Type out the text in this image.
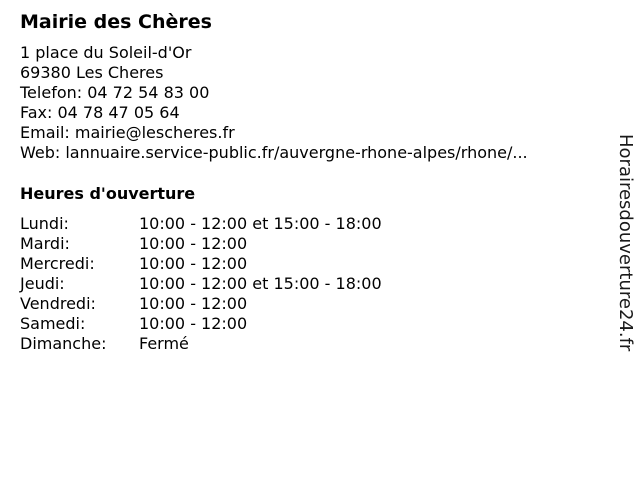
Mairie des Chères
1 place du Soleil-d'Or
69380 Les Cheres
Telefon: 04 72 54 83 00
Fax: 04 78 47 05 64
Email: mairie@lescheres.fr
Web: lannuaire.service-public.fr/auvergne-rhone-alpes/rhone/...
Heures d'ouverture
Lundi:	10:00 - 12:00 et 15:00 - 18:00
Mardi:	10:00 - 12:00
Mercredi:	10:00 - 12:00
Jeudi:	10:00 - 12:00 et 15:00 - 18:00
Vendredi:	10:00 - 12:00
Samedi:	10:00 - 12:00
Dimanche: Fermé	Horairesdouverture24.fr
